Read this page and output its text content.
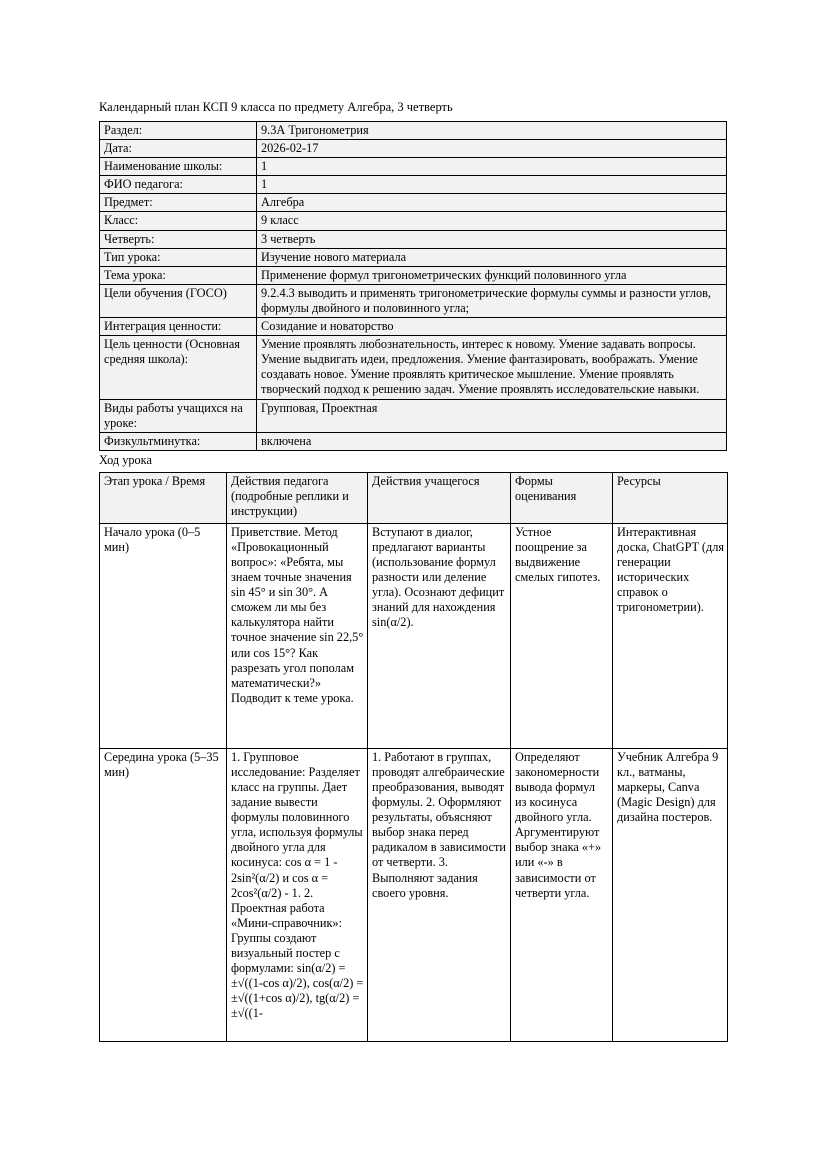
Календарный план КСП 9 класса по предмету Алгебра, 3 четверть

Раздел:	9.3А Тригонометрия
Дата:	2026-02-17
Наименование школы:	1
ФИО педагога:	1
Предмет:	Алгебра
Класс:	9 класс
Четверть:	3 четверть
Тип урока:	Изучение нового материала
Тема урока:	Применение формул тригонометрических функций половинного угла
Цели обучения (ГОСО)	9.2.4.3 выводить и применять тригонометрические формулы суммы и разности углов, формулы двойного и половинного угла;
Интеграция ценности:	Созидание и новаторство
Цель ценности (Основная средняя школа):	Умение проявлять любознательность, интерес к новому. Умение задавать вопросы. Умение выдвигать идеи, предложения. Умение фантазировать, воображать. Умение создавать новое. Умение проявлять критическое мышление. Умение проявлять творческий подход к решению задач. Умение проявлять исследовательские навыки.
Виды работы учащихся на уроке:	Групповая, Проектная
Физкультминутка:	включена

Ход урока

Этап урока / Время	Действия педагога (подробные реплики и инструкции)	Действия учащегося	Формы оценивания	Ресурсы
Начало урока (0–5 мин)	Приветствие. Метод «Провокационный вопрос»: «Ребята, мы знаем точные значения sin 45° и sin 30°. А сможем ли мы без калькулятора найти точное значение sin 22,5° или cos 15°? Как разрезать угол пополам математически?» Подводит к теме урока.	Вступают в диалог, предлагают варианты (использование формул разности или деление угла). Осознают дефицит знаний для нахождения sin(α/2).	Устное поощрение за выдвижение смелых гипотез.	Интерактивная доска, ChatGPT (для генерации исторических справок о тригонометрии).
Середина урока (5–35 мин)	1. Групповое исследование: Разделяет класс на группы. Дает задание вывести формулы половинного угла, используя формулы двойного угла для косинуса: cos α = 1 - 2sin²(α/2) и cos α = 2cos²(α/2) - 1. 2. Проектная работа «Мини-справочник»: Группы создают визуальный постер с формулами: sin(α/2) = ±√((1-cos α)/2), cos(α/2) = ±√((1+cos α)/2), tg(α/2) = ±√((1-	1. Работают в группах, проводят алгебраические преобразования, выводят формулы. 2. Оформляют результаты, объясняют выбор знака перед радикалом в зависимости от четверти. 3. Выполняют задания своего уровня.	Определяют закономерности вывода формул из косинуса двойного угла. Аргументируют выбор знака «+» или «-» в зависимости от четверти угла.	Учебник Алгебра 9 кл., ватманы, маркеры, Canva (Magic Design) для дизайна постеров.
